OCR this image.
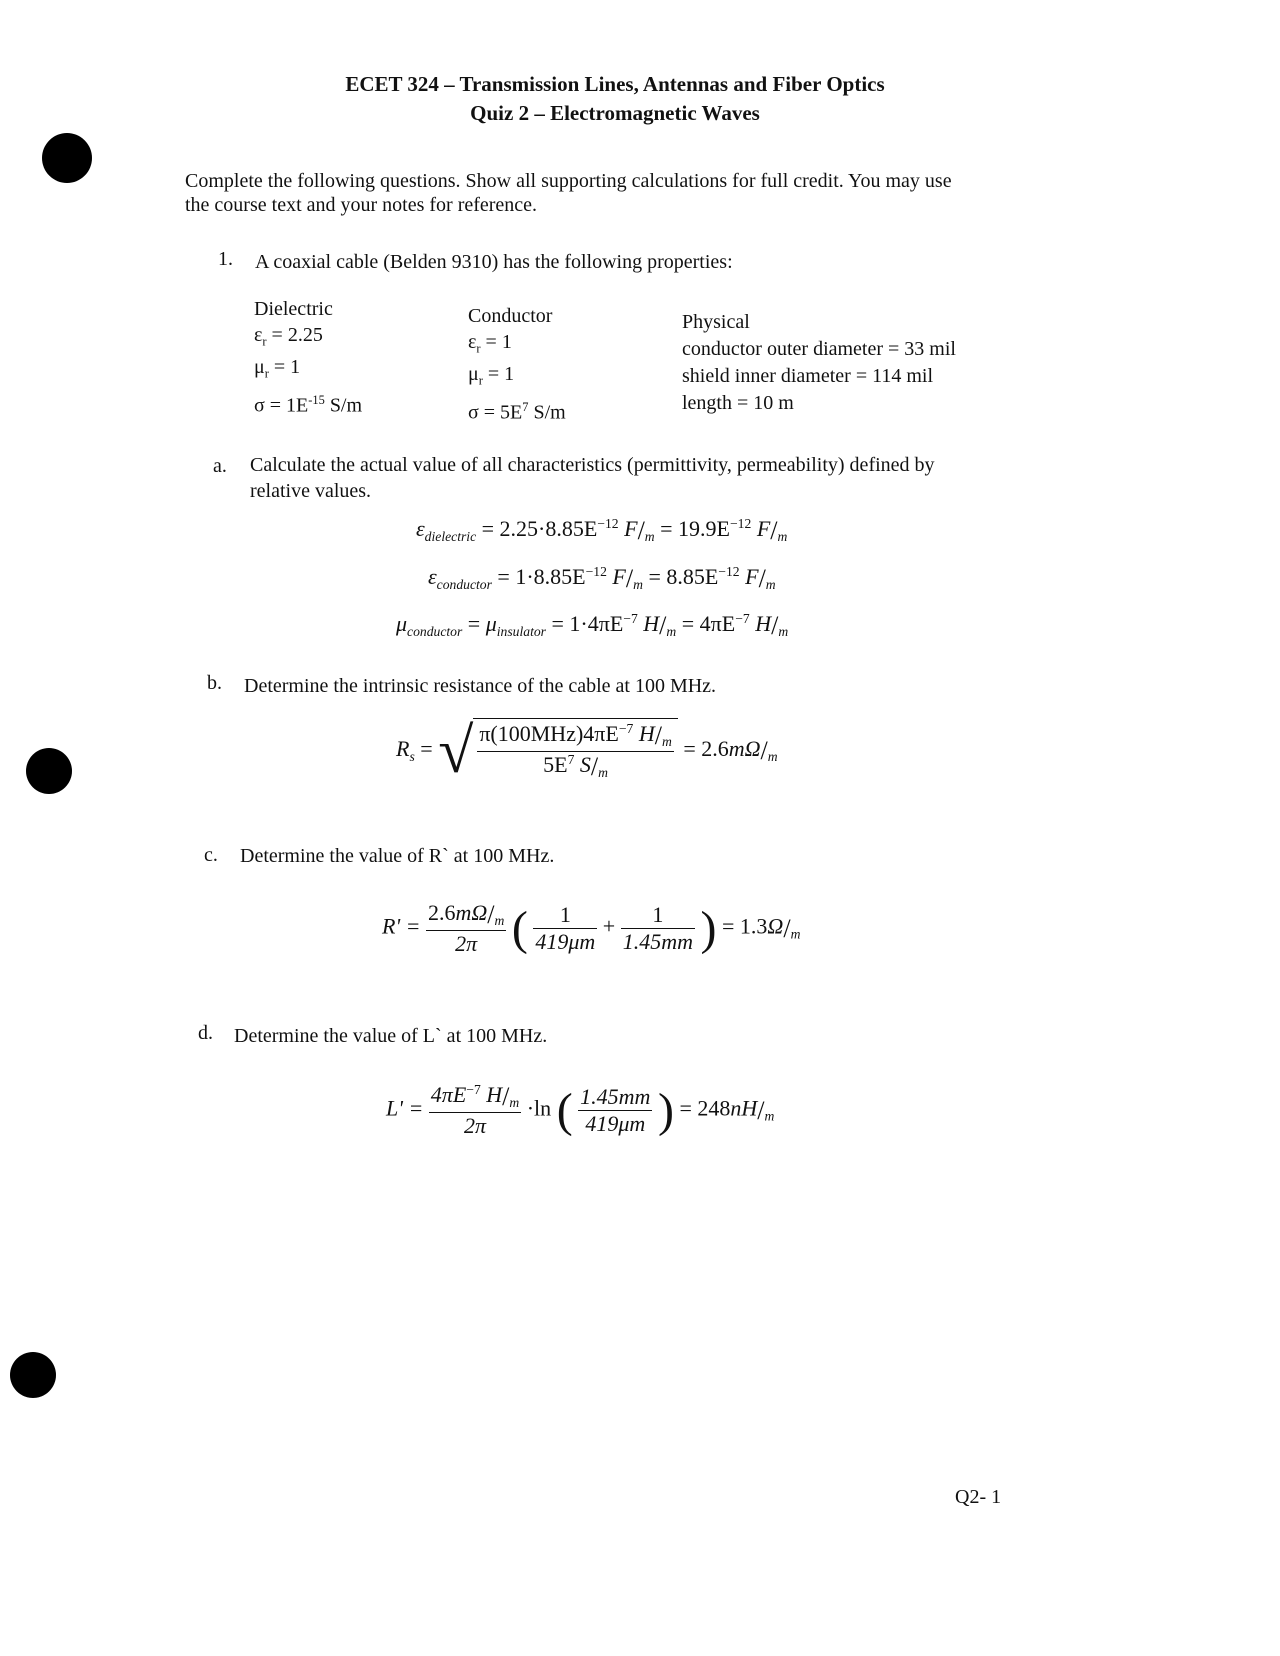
ECET 324 – Transmission Lines, Antennas and Fiber Optics
Quiz 2 – Electromagnetic Waves
Complete the following questions. Show all supporting calculations for full credit. You may use
the course text and your notes for reference.
1. A coaxial cable (Belden 9310) has the following properties:
Dielectric
$\varepsilon_r = 2.25$
$\mu_r = 1$
$\sigma = 1E^{-15}$ S/m
Conductor
$\varepsilon_r = 1$
$\mu_r = 1$
$\sigma = 5E^7$ S/m
Physical
conductor outer diameter = 33 mil
shield inner diameter = 114 mil
length = 10 m
a. Calculate the actual value of all characteristics (permittivity, permeability) defined by
relative values.
$\varepsilon_{dielectric} = 2.25\cdot 8.85E^{-12}$ $F/_m = 19.9E^{-12}$ $F/_m$
$\varepsilon_{conductor} = 1\cdot 8.85E^{-12}$ $F/_m = 8.85E^{-12}$ $F/_m$
$\mu_{conductor} = \mu_{insulator} = 1\cdot 4\pi E^{-7}$ $H/_m = 4\pi E^{-7}$ $H/_m$
b. Determine the intrinsic resistance of the cable at 100 MHz.
$R_s$ = √ $\frac{\pi(100MHz)4\pi E^{-7} H/_m}{5E^7 S/_m} = 2.6m\Omega/_m$
c. Determine the value of R` at 100 MHz.
$R' = \frac{2.6m\Omega/_m}{2\pi}$ ( $\frac{1}{419\mu m} + \frac{1}{1.45mm}$ ) = $1.3\Omega/_m$
d. Determine the value of L` at 100 MHz.
$L' = \frac{4\pi E^{-7} H/_m}{2\pi} \cdot\ln$ ( $\frac{1.45mm}{419\mu m}$ ) = $248nH/_m$
Q2- 1
